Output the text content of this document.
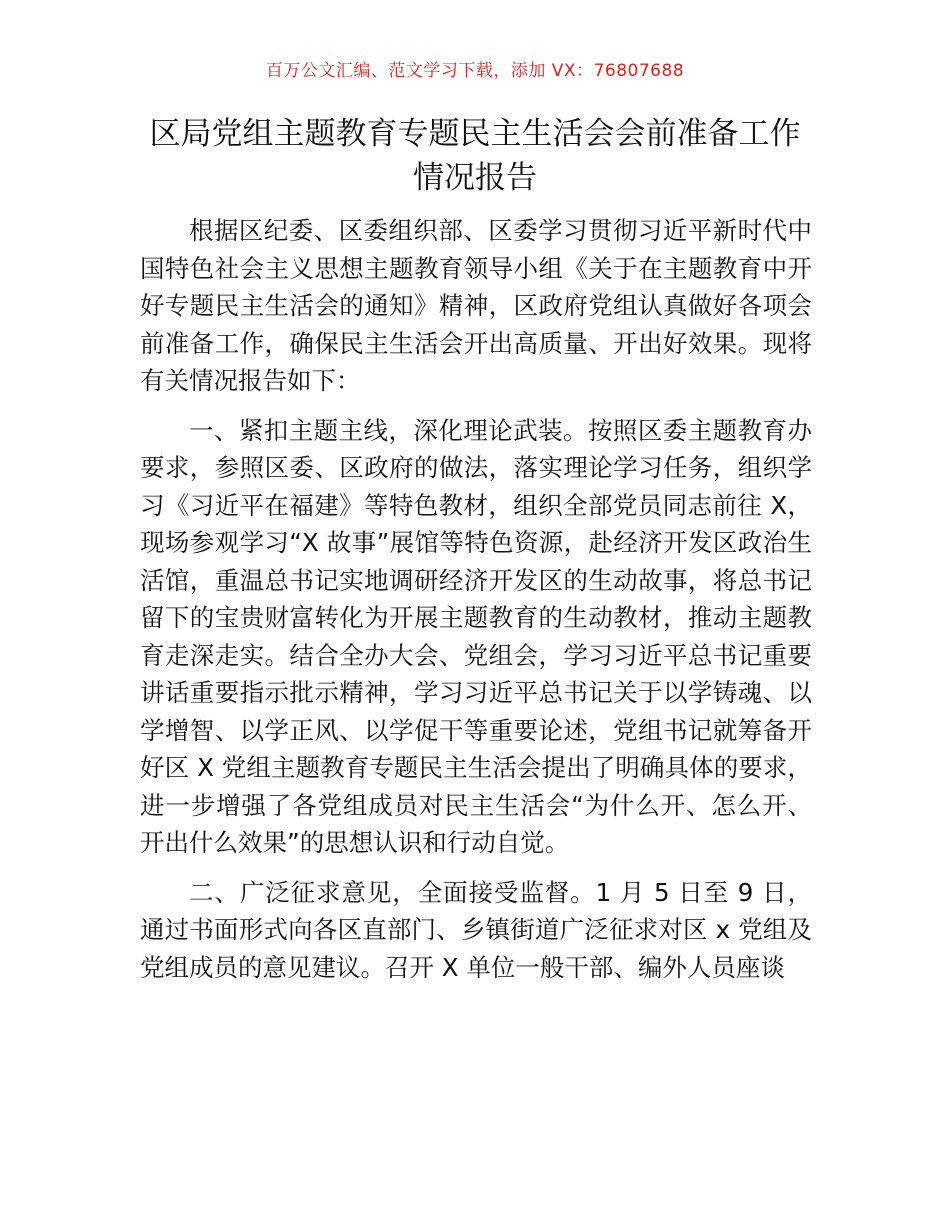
百万公文汇编、范文学习下载，添加 VX：76807688
区局党组主题教育专题民主生活会会前准备工作情况报告

根据区纪委、区委组织部、区委学习贯彻习近平新时代中国特色社会主义思想主题教育领导小组《关于在主题教育中开好专题民主生活会的通知》精神，区政府党组认真做好各项会前准备工作，确保民主生活会开出高质量、开出好效果。现将有关情况报告如下：

一、紧扣主题主线，深化理论武装。按照区委主题教育办要求，参照区委、区政府的做法，落实理论学习任务，组织学习《习近平在福建》等特色教材，组织全部党员同志前往 X，现场参观学习“X 故事”展馆等特色资源，赴经济开发区政治生活馆，重温总书记实地调研经济开发区的生动故事，将总书记留下的宝贵财富转化为开展主题教育的生动教材，推动主题教育走深走实。结合全办大会、党组会，学习习近平总书记重要讲话重要指示批示精神，学习习近平总书记关于以学铸魂、以学增智、以学正风、以学促干等重要论述，党组书记就筹备开好区 X 党组主题教育专题民主生活会提出了明确具体的要求，进一步增强了各党组成员对民主生活会“为什么开、怎么开、开出什么效果”的思想认识和行动自觉。

二、广泛征求意见，全面接受监督。1 月 5 日至 9 日，通过书面形式向各区直部门、乡镇街道广泛征求对区 x 党组及党组成员的意见建议。召开 X 单位一般干部、编外人员座谈
